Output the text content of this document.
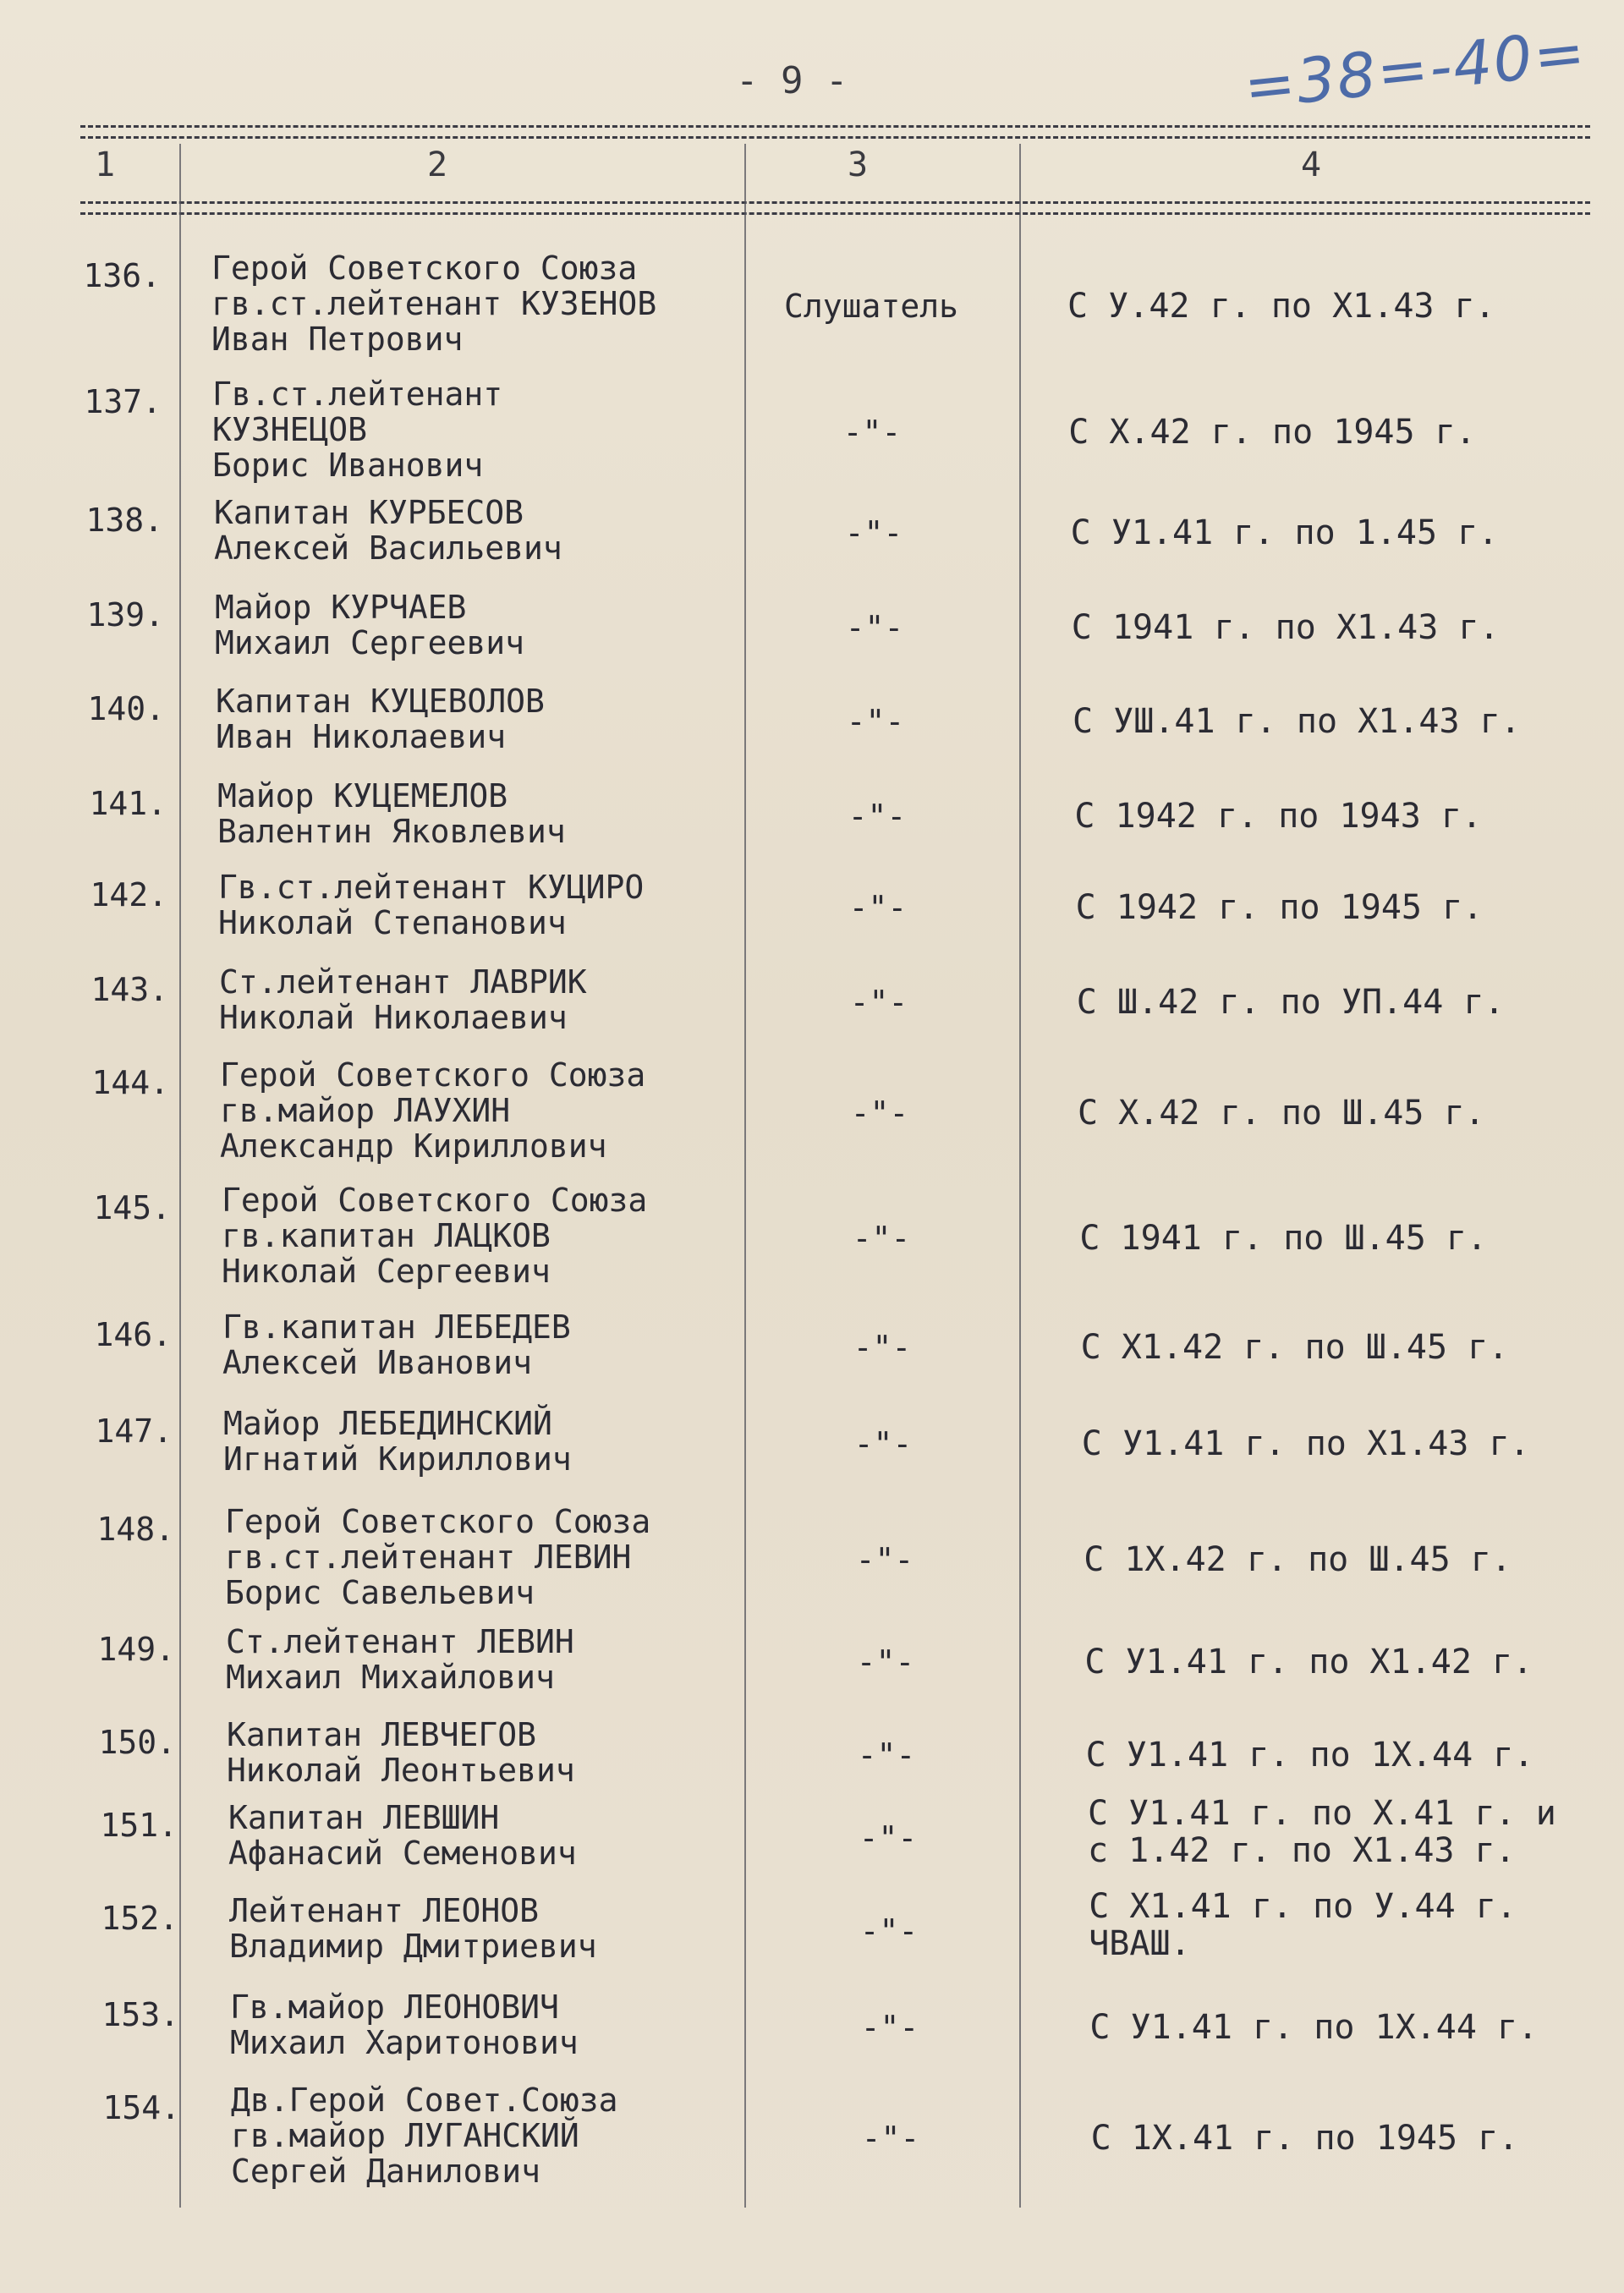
- 9 -	=38=-40=
1	2	3	4
136. Герой Советского Союза
гв.ст.лейтенант КУЗЕНОВ
Иван Петрович
Слушатель	С У.42 г. по Х1.43 г.
137. Гв.ст.лейтенант
КУЗНЕЦОВ
Борис Иванович
-"-	С Х.42 г. по 1945 г.
138. Капитан КУРБЕСОВ
Алексей Васильевич	-"-	С У1.41 г. по 1.45 г.
139. Майор КУРЧАЕВ
Михаил Сергеевич	-"-	С 1941 г. по Х1.43 г.
140. Капитан КУЦЕВОЛОВ
Иван Николаевич	-"-	С УШ.41 г. по Х1.43 г.
141. Майор КУЦЕМЕЛОВ
Валентин Яковлевич	-"-	С 1942 г. по 1943 г.
142. Гв.ст.лейтенант КУЦИРО
Николай Степанович	-"-	С 1942 г. по 1945 г.
143. Ст.лейтенант ЛАВРИК
Николай Николаевич	-"-	С Ш.42 г. по УП.44 г.
144. Герой Советского Союза
гв.майор ЛАУХИН
Александр Кириллович
-"-	С Х.42 г. по Ш.45 г.
145. Герой Советского Союза
гв.капитан ЛАЦКОВ
Николай Сергеевич
-"-	С 1941 г. по Ш.45 г.
146. Гв.капитан ЛЕБЕДЕВ
Алексей Иванович	-"-	С Х1.42 г. по Ш.45 г.
147. Майор ЛЕБЕДИНСКИЙ
Игнатий Кириллович	-"-	С У1.41 г. по Х1.43 г.
148. Герой Советского Союза
гв.ст.лейтенант ЛЕВИН
Борис Савельевич
-"-	С 1Х.42 г. по Ш.45 г.
149. Ст.лейтенант ЛЕВИН
Михаил Михайлович	-"-	С У1.41 г. по Х1.42 г.
150. Капитан ЛЕВЧЕГОВ
Николай Леонтьевич	-"-	С У1.41 г. по 1Х.44 г.
151. Капитан ЛЕВШИН
Афанасий Семенович	-"-
С У1.41 г. по Х.41 г. и
с 1.42 г. по Х1.43 г.
152. Лейтенант ЛЕОНОВ
Владимир Дмитриевич	-"-
С Х1.41 г. по У.44 г.
ЧВАШ.
153. Гв.майор ЛЕОНОВИЧ
Михаил Харитонович	-"-	С У1.41 г. по 1Х.44 г.
154. Дв.Герой Совет.Союза
гв.майор ЛУГАНСКИЙ
Сергей Данилович
-"-	С 1Х.41 г. по 1945 г.
